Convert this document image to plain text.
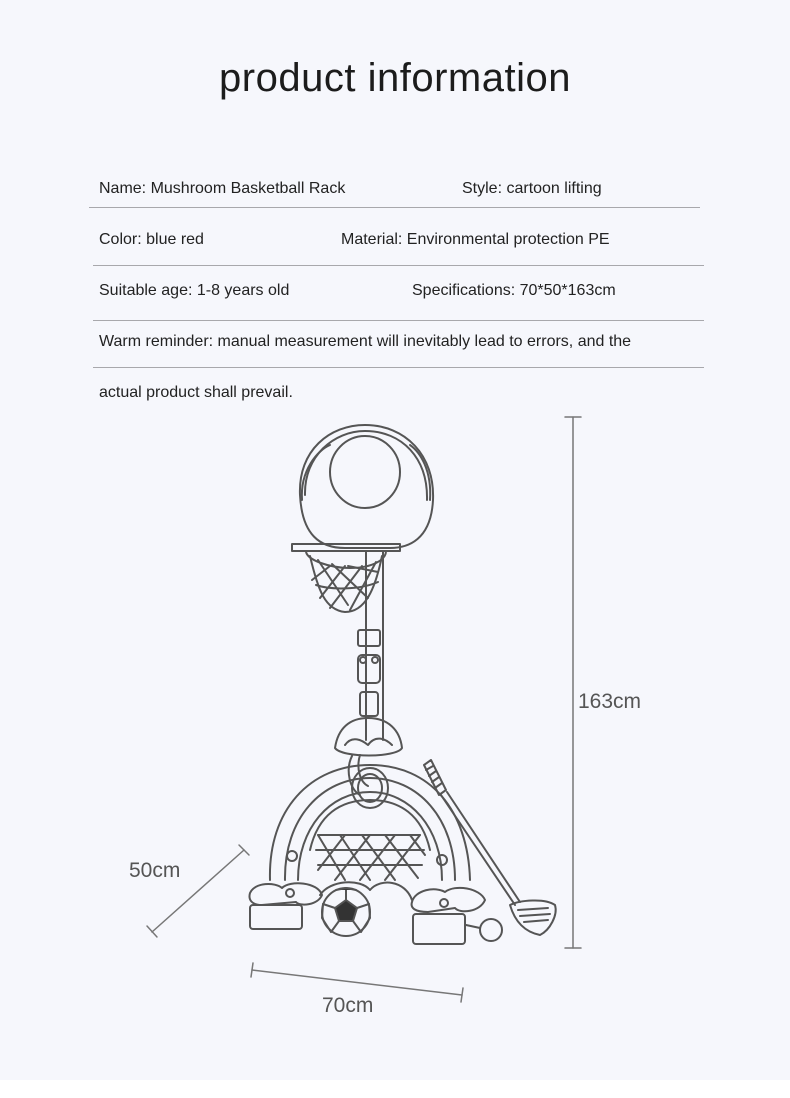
product information
Name: Mushroom Basketball Rack	Style: cartoon lifting
Color: blue red	Material: Environmental protection PE
Suitable age: 1-8 years old	Specifications: 70*50*163cm
Warm reminder: manual measurement will inevitably lead to errors, and the
actual product shall prevail.
163cm
50cm
70cm
